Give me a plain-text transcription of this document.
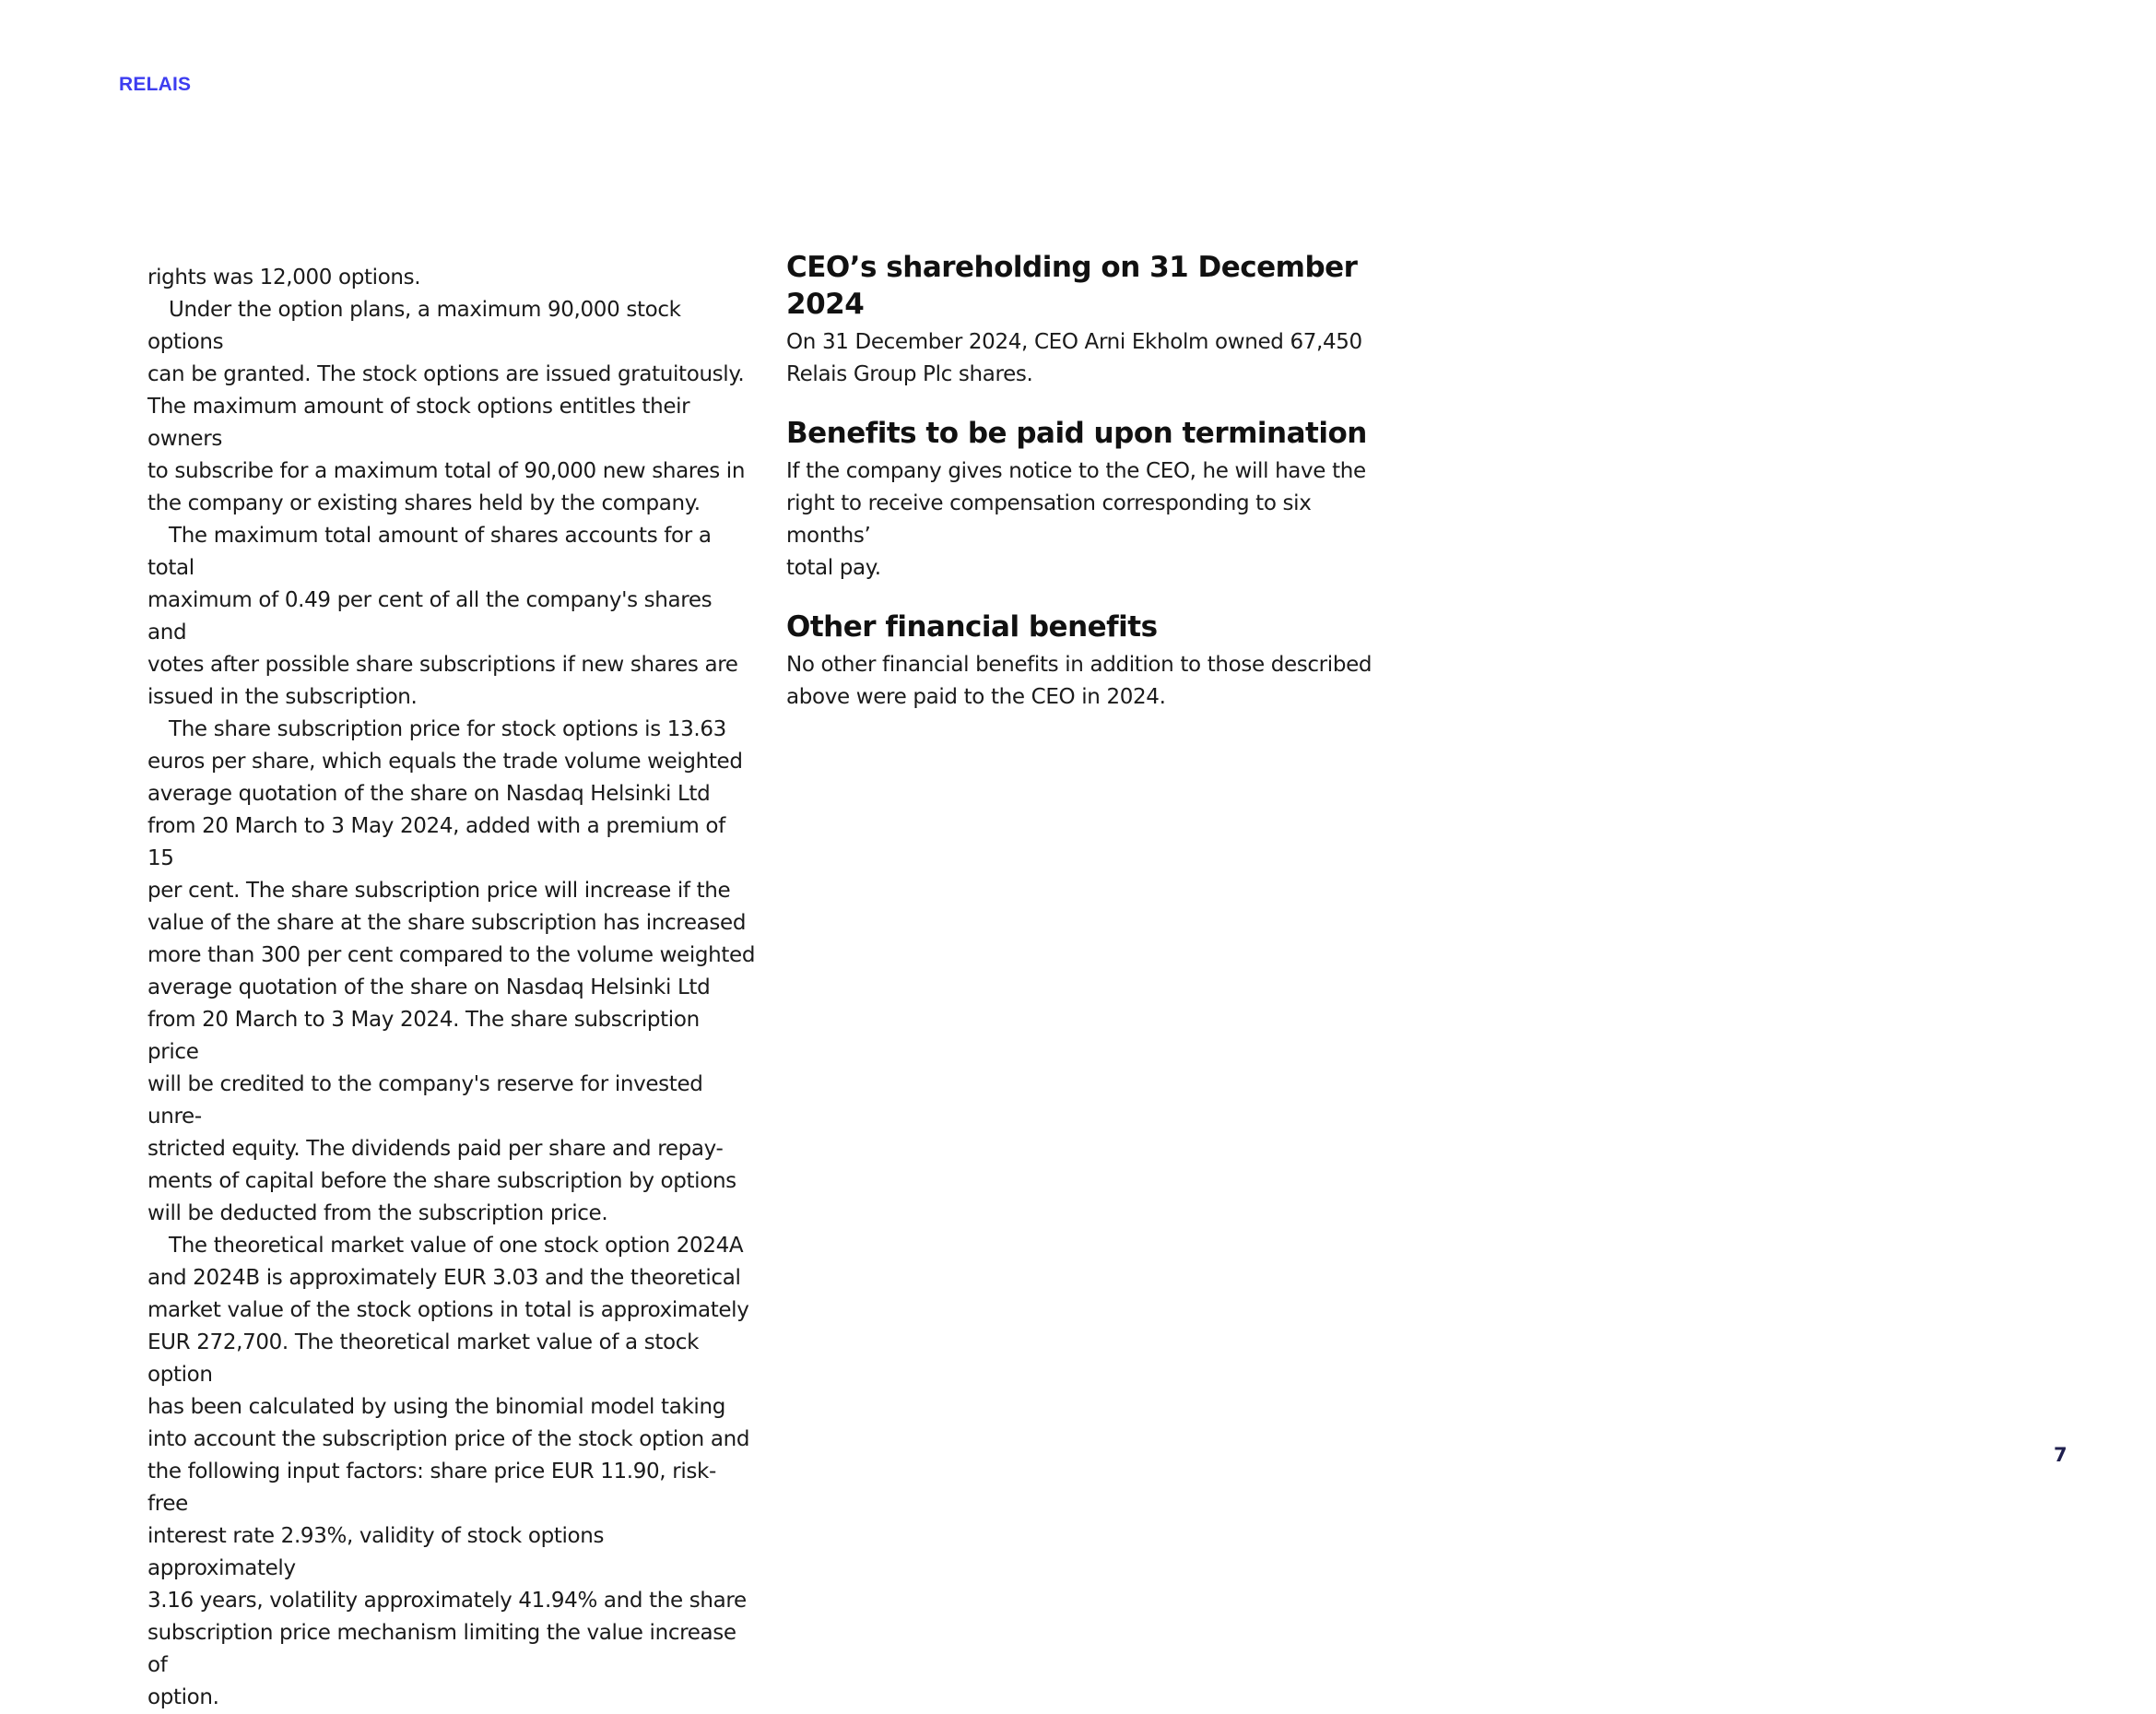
RELAIS

rights was 12,000 options.

Under the option plans, a maximum 90,000 stock options
can be granted. The stock options are issued gratuitously.
The maximum amount of stock options entitles their owners
to subscribe for a maximum total of 90,000 new shares in
the company or existing shares held by the company.

The maximum total amount of shares accounts for a total
maximum of 0.49 per cent of all the company's shares and
votes after possible share subscriptions if new shares are
issued in the subscription.

The share subscription price for stock options is 13.63
euros per share, which equals the trade volume weighted
average quotation of the share on Nasdaq Helsinki Ltd
from 20 March to 3 May 2024, added with a premium of 15
per cent. The share subscription price will increase if the
value of the share at the share subscription has increased
more than 300 per cent compared to the volume weighted
average quotation of the share on Nasdaq Helsinki Ltd
from 20 March to 3 May 2024. The share subscription price
will be credited to the company's reserve for invested unre-
stricted equity. The dividends paid per share and repay-
ments of capital before the share subscription by options
will be deducted from the subscription price.

The theoretical market value of one stock option 2024A
and 2024B is approximately EUR 3.03 and the theoretical
market value of the stock options in total is approximately
EUR 272,700. The theoretical market value of a stock option
has been calculated by using the binomial model taking
into account the subscription price of the stock option and
the following input factors: share price EUR 11.90, risk-free
interest rate 2.93%, validity of stock options approximately
3.16 years, volatility approximately 41.94% and the share
subscription price mechanism limiting the value increase of
option.

CEO’s shareholding on 31 December 2024

On 31 December 2024, CEO Arni Ekholm owned 67,450
Relais Group Plc shares.

Benefits to be paid upon termination

If the company gives notice to the CEO, he will have the
right to receive compensation corresponding to six months’
total pay.

Other financial benefits

No other financial benefits in addition to those described
above were paid to the CEO in 2024.

7
